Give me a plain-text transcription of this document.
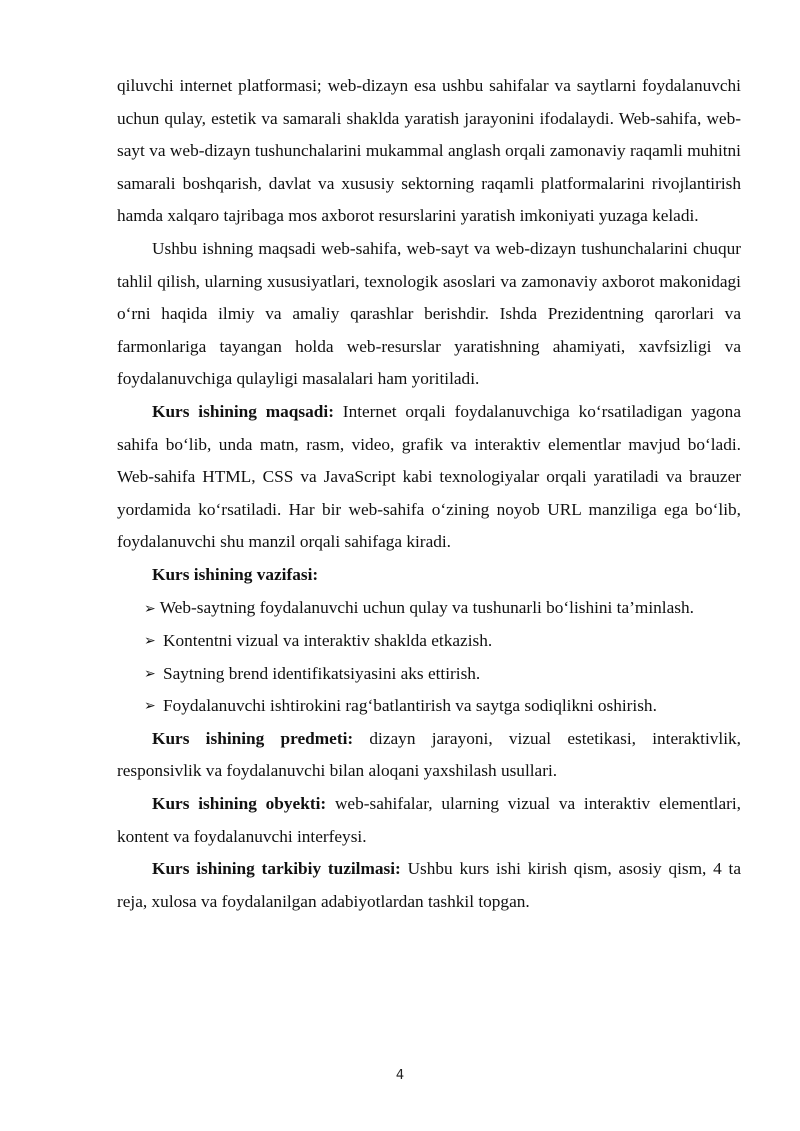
qiluvchi internet platformasi; web-dizayn esa ushbu sahifalar va saytlarni foydalanuvchi uchun qulay, estetik va samarali shaklda yaratish jarayonini ifodalaydi. Web-sahifa, web-sayt va web-dizayn tushunchalarini mukammal anglash orqali zamonaviy raqamli muhitni samarali boshqarish, davlat va xususiy sektorning raqamli platformalarini rivojlantirish hamda xalqaro tajribaga mos axborot resurslarini yaratish imkoniyati yuzaga keladi.

Ushbu ishning maqsadi web-sahifa, web-sayt va web-dizayn tushunchalarini chuqur tahlil qilish, ularning xususiyatlari, texnologik asoslari va zamonaviy axborot makonidagi o‘rni haqida ilmiy va amaliy qarashlar berishdir. Ishda Prezidentning qarorlari va farmonlariga tayangan holda web-resurslar yaratishning ahamiyati, xavfsizligi va foydalanuvchiga qulayligi masalalari ham yoritiladi.

Kurs ishining maqsadi: Internet orqali foydalanuvchiga ko‘rsatiladigan yagona sahifa bo‘lib, unda matn, rasm, video, grafik va interaktiv elementlar mavjud bo‘ladi. Web-sahifa HTML, CSS va JavaScript kabi texnologiyalar orqali yaratiladi va brauzer yordamida ko‘rsatiladi. Har bir web-sahifa o‘zining noyob URL manziliga ega bo‘lib, foydalanuvchi shu manzil orqali sahifaga kiradi.

Kurs ishining vazifasi:

➢ Web-saytning foydalanuvchi uchun qulay va tushunarli bo‘lishini ta’minlash.

➢ Kontentni vizual va interaktiv shaklda etkazish.

➢ Saytning brend identifikatsiyasini aks ettirish.

➢ Foydalanuvchi ishtirokini rag‘batlantirish va saytga sodiqlikni oshirish.

Kurs ishining predmeti: dizayn jarayoni, vizual estetikasi, interaktivlik, responsivlik va foydalanuvchi bilan aloqani yaxshilash usullari.

Kurs ishining obyekti: web-sahifalar, ularning vizual va interaktiv elementlari, kontent va foydalanuvchi interfeysi.

Kurs ishining tarkibiy tuzilmasi: Ushbu kurs ishi kirish qism, asosiy qism, 4 ta reja, xulosa va foydalanilgan adabiyotlardan tashkil topgan.

4
